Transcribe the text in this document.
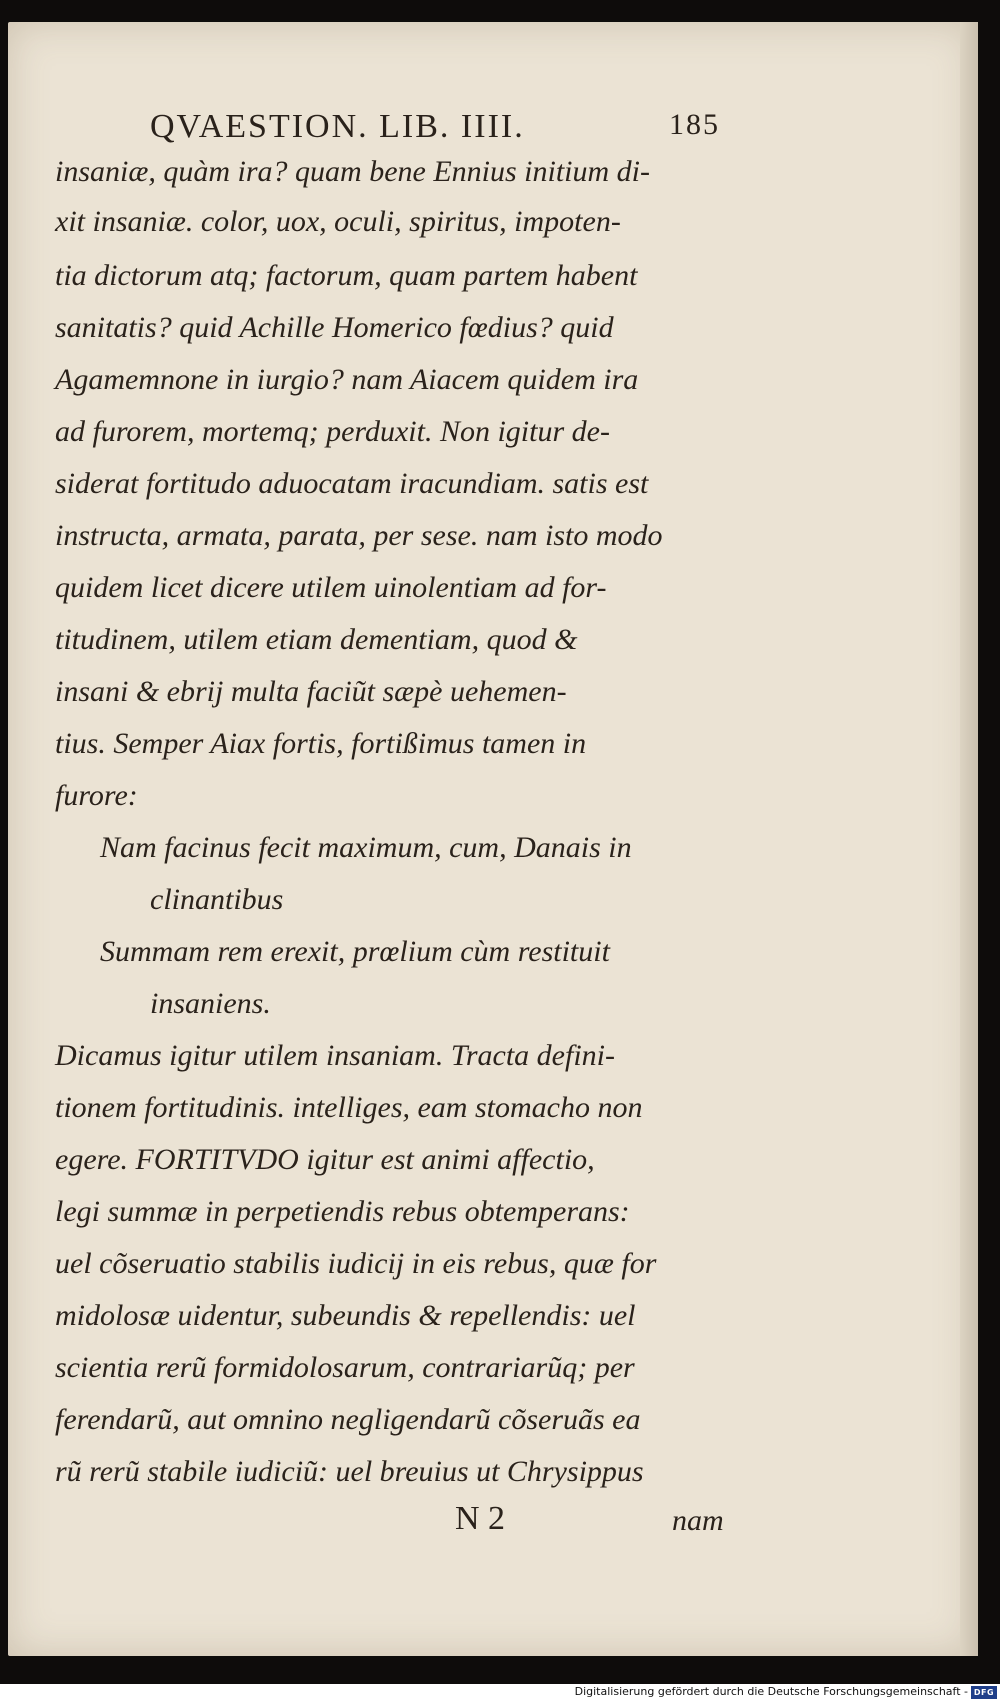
QVAESTION. LIB. IIII.	185
insaniæ, quàm ira? quam bene Ennius initium di-
xit insaniæ. color, uox, oculi, spiritus, impoten-
tia dictorum atq; factorum, quam partem habent
sanitatis? quid Achille Homerico fœdius? quid
Agamemnone in iurgio? nam Aiacem quidem ira
ad furorem, mortemq; perduxit. Non igitur de-
siderat fortitudo aduocatam iracundiam. satis est
instructa, armata, parata, per sese. nam isto modo
quidem licet dicere utilem uinolentiam ad for-
titudinem, utilem etiam dementiam, quod &
insani & ebrij multa faciũt sæpè uehemen-
tius. Semper Aiax fortis, fortißimus tamen in
furore:
Nam facinus fecit maximum, cum, Danais in
clinantibus
Summam rem erexit, prœlium cùm restituit
insaniens.
Dicamus igitur utilem insaniam. Tracta defini-
tionem fortitudinis. intelliges, eam stomacho non
egere. FORTITVDO igitur est animi affectio,
legi summæ in perpetiendis rebus obtemperans:
uel cõseruatio stabilis iudicij in eis rebus, quæ for
midolosæ uidentur, subeundis & repellendis: uel
scientia rerũ formidolosarum, contrariarũq; per
ferendarũ, aut omnino negligendarũ cõseruãs ea
rũ rerũ stabile iudiciũ: uel breuius ut Chrysippus
N 2	nam
Digitalisierung gefördert durch die Deutsche Forschungsgemeinschaft - DFG
